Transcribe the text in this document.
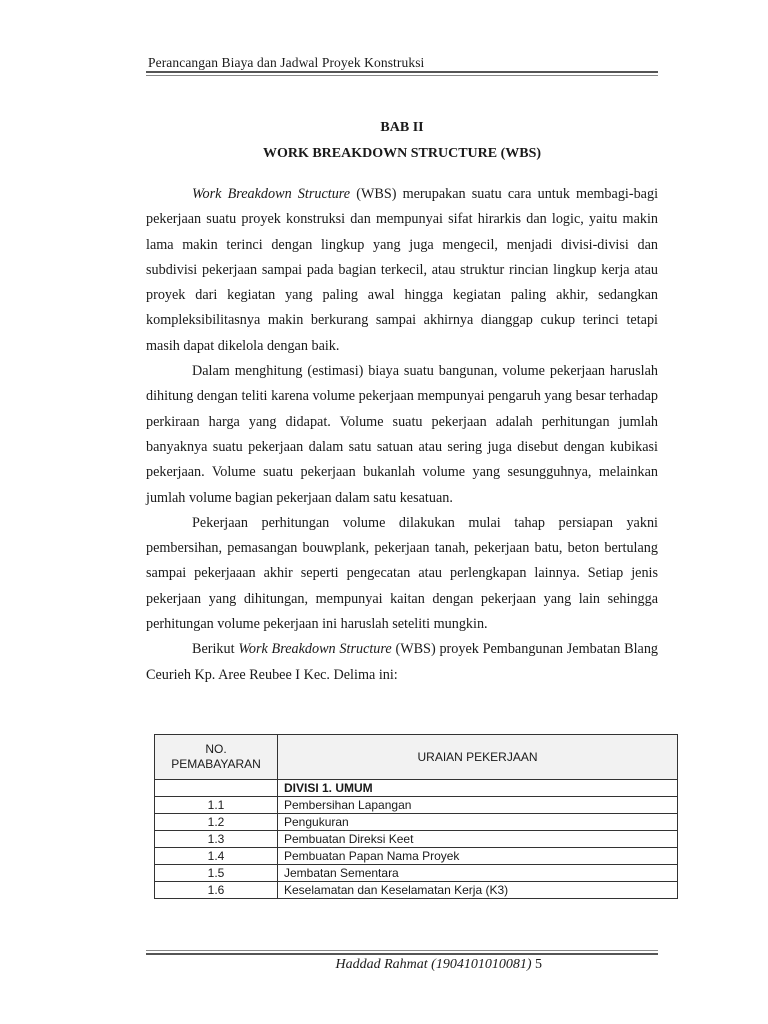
Perancangan Biaya dan Jadwal Proyek Konstruksi
BAB II
WORK BREAKDOWN STRUCTURE (WBS)

Work Breakdown Structure (WBS) merupakan suatu cara untuk membagi-bagi pekerjaan suatu proyek konstruksi dan mempunyai sifat hirarkis dan logic, yaitu makin lama makin terinci dengan lingkup yang juga mengecil, menjadi divisi-divisi dan subdivisi pekerjaan sampai pada bagian terkecil, atau struktur rincian lingkup kerja atau proyek dari kegiatan yang paling awal hingga kegiatan paling akhir, sedangkan kompleksibilitasnya makin berkurang sampai akhirnya dianggap cukup terinci tetapi masih dapat dikelola dengan baik.

Dalam menghitung (estimasi) biaya suatu bangunan, volume pekerjaan haruslah dihitung dengan teliti karena volume pekerjaan mempunyai pengaruh yang besar terhadap perkiraan harga yang didapat. Volume suatu pekerjaan adalah perhitungan jumlah banyaknya suatu pekerjaan dalam satu satuan atau sering juga disebut dengan kubikasi pekerjaan. Volume suatu pekerjaan bukanlah volume yang sesungguhnya, melainkan jumlah volume bagian pekerjaan dalam satu kesatuan.

Pekerjaan perhitungan volume dilakukan mulai tahap persiapan yakni pembersihan, pemasangan bouwplank, pekerjaan tanah, pekerjaan batu, beton bertulang sampai pekerjaaan akhir seperti pengecatan atau perlengkapan lainnya. Setiap jenis pekerjaan yang dihitungan, mempunyai kaitan dengan pekerjaan yang lain sehingga perhitungan volume pekerjaan ini haruslah seteliti mungkin.

Berikut Work Breakdown Structure (WBS) proyek Pembangunan Jembatan Blang Ceurieh Kp. Aree Reubee I Kec. Delima ini:

NO. PEMABAYARAN	URAIAN PEKERJAAN
	DIVISI 1. UMUM
1.1	Pembersihan Lapangan
1.2	Pengukuran
1.3	Pembuatan Direksi Keet
1.4	Pembuatan Papan Nama Proyek
1.5	Jembatan Sementara
1.6	Keselamatan dan Keselamatan Kerja (K3)
Haddad Rahmat (1904101010081) 5
